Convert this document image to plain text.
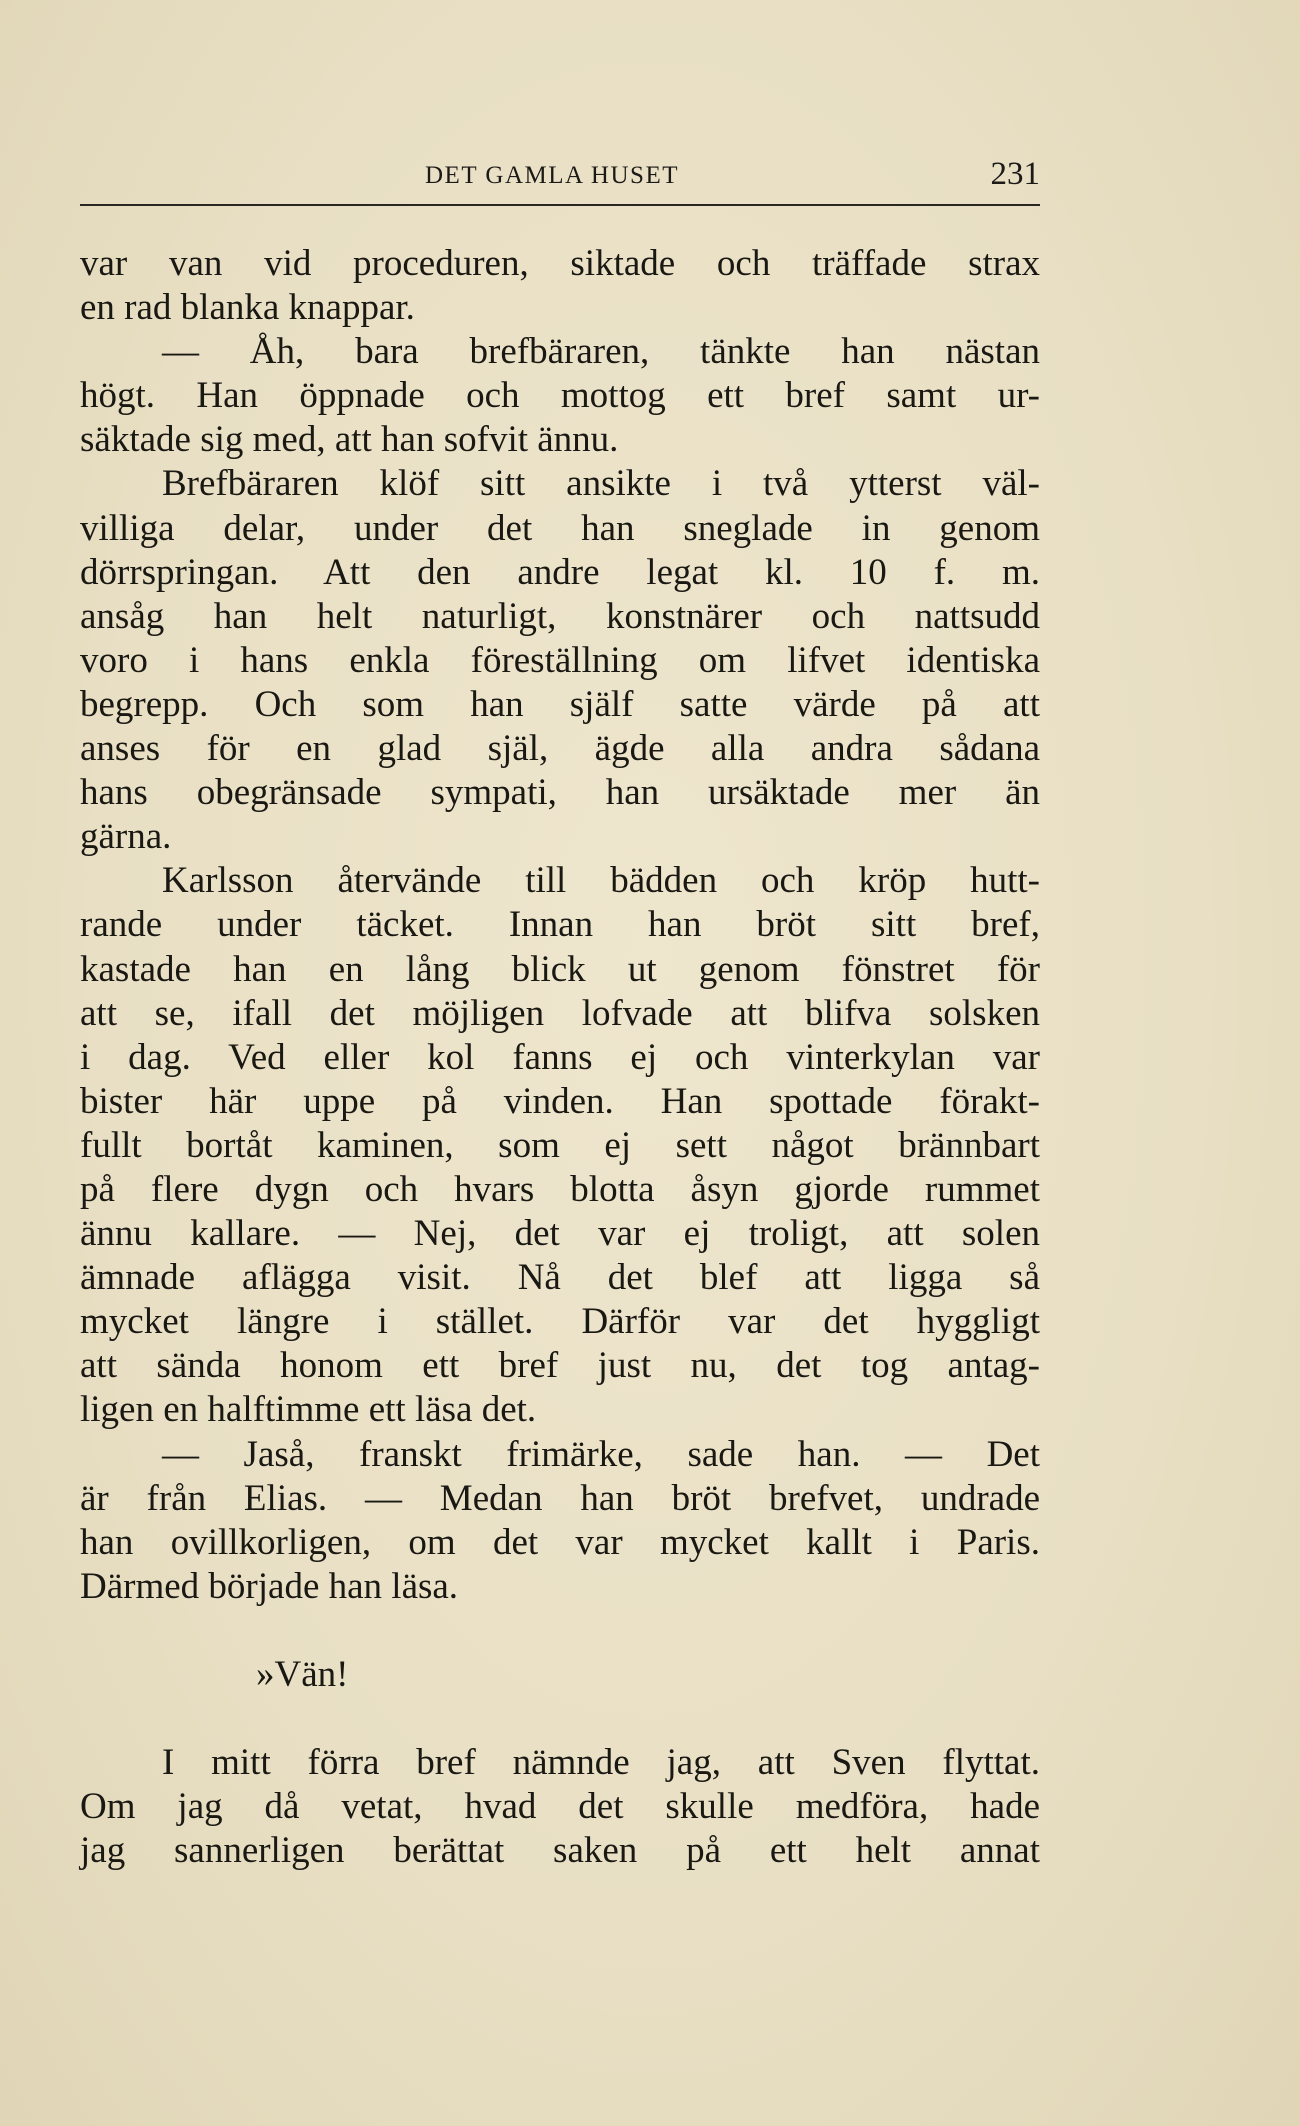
DET GAMLA HUSET	231
var van vid proceduren, siktade och träffade strax
en rad blanka knappar.
— Åh, bara brefbäraren, tänkte han nästan
högt. Han öppnade och mottog ett bref samt ur-
säktade sig med, att han sofvit ännu.
Brefbäraren klöf sitt ansikte i två ytterst väl-
villiga delar, under det han sneglade in genom
dörrspringan. Att den andre legat kl. 10 f. m.
ansåg han helt naturligt, konstnärer och nattsudd
voro i hans enkla föreställning om lifvet identiska
begrepp. Och som han själf satte värde på att
anses för en glad själ, ägde alla andra sådana
hans obegränsade sympati, han ursäktade mer än
gärna.
Karlsson återvände till bädden och kröp hutt-
rande under täcket. Innan han bröt sitt bref,
kastade han en lång blick ut genom fönstret för
att se, ifall det möjligen lofvade att blifva solsken
i dag. Ved eller kol fanns ej och vinterkylan var
bister här uppe på vinden. Han spottade förakt-
fullt bortåt kaminen, som ej sett något brännbart
på flere dygn och hvars blotta åsyn gjorde rummet
ännu kallare. — Nej, det var ej troligt, att solen
ämnade aflägga visit. Nå det blef att ligga så
mycket längre i stället. Därför var det hyggligt
att sända honom ett bref just nu, det tog antag-
ligen en halftimme ett läsa det.
— Jaså, franskt frimärke, sade han. — Det
är från Elias. — Medan han bröt brefvet, undrade
han ovillkorligen, om det var mycket kallt i Paris.
Därmed började han läsa.
»Vän!
I mitt förra bref nämnde jag, att Sven flyttat.
Om jag då vetat, hvad det skulle medföra, hade
jag sannerligen berättat saken på ett helt annat
